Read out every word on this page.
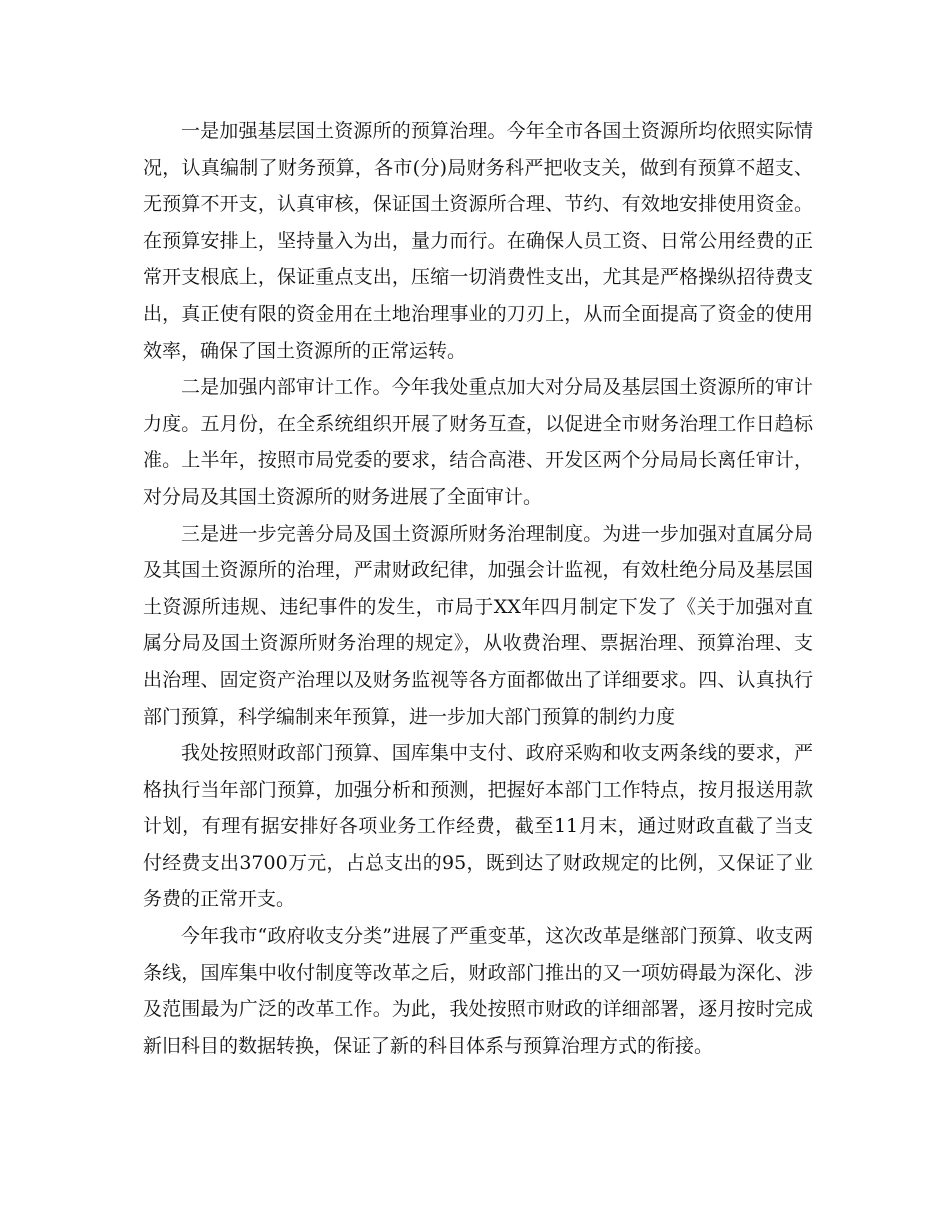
一是加强基层国土资源所的预算治理。今年全市各国土资源所均依照实际情况，认真编制了财务预算，各市(分)局财务科严把收支关，做到有预算不超支、无预算不开支，认真审核，保证国土资源所合理、节约、有效地安排使用资金。在预算安排上，坚持量入为出，量力而行。在确保人员工资、日常公用经费的正常开支根底上，保证重点支出，压缩一切消费性支出，尤其是严格操纵招待费支出，真正使有限的资金用在土地治理事业的刀刃上，从而全面提高了资金的使用效率，确保了国土资源所的正常运转。

二是加强内部审计工作。今年我处重点加大对分局及基层国土资源所的审计力度。五月份，在全系统组织开展了财务互查，以促进全市财务治理工作日趋标准。上半年，按照市局党委的要求，结合高港、开发区两个分局局长离任审计，对分局及其国土资源所的财务进展了全面审计。

三是进一步完善分局及国土资源所财务治理制度。为进一步加强对直属分局及其国土资源所的治理，严肃财政纪律，加强会计监视，有效杜绝分局及基层国土资源所违规、违纪事件的发生，市局于XX年四月制定下发了《关于加强对直属分局及国土资源所财务治理的规定》，从收费治理、票据治理、预算治理、支出治理、固定资产治理以及财务监视等各方面都做出了详细要求。四、认真执行部门预算，科学编制来年预算，进一步加大部门预算的制约力度

我处按照财政部门预算、国库集中支付、政府采购和收支两条线的要求，严格执行当年部门预算，加强分析和预测，把握好本部门工作特点，按月报送用款计划，有理有据安排好各项业务工作经费，截至11月末，通过财政直截了当支付经费支出3700万元，占总支出的95，既到达了财政规定的比例，又保证了业务费的正常开支。

今年我市“政府收支分类”进展了严重变革，这次改革是继部门预算、收支两条线，国库集中收付制度等改革之后，财政部门推出的又一项妨碍最为深化、涉及范围最为广泛的改革工作。为此，我处按照市财政的详细部署，逐月按时完成新旧科目的数据转换，保证了新的科目体系与预算治理方式的衔接。
